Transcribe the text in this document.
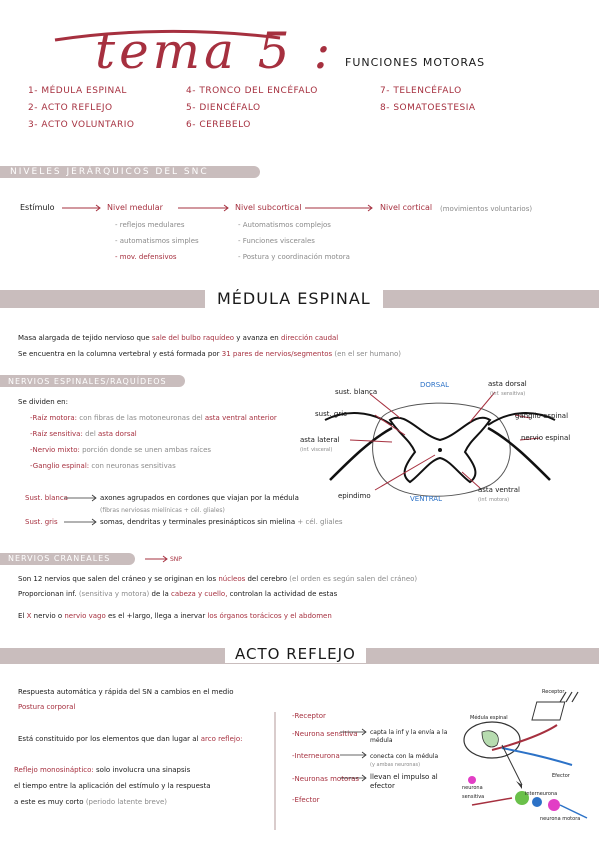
tema 5 : FUNCIONES MOTORAS
1- MÉDULA ESPINAL
2- ACTO REFLEJO
3- ACTO VOLUNTARIO
4- TRONCO DEL ENCÉFALO
5- DIENCÉFALO
6- CEREBELO
7- TELENCÉFALO
8- SOMATOESTESIA
NIVELES JERÁRQUICOS DEL SNC
Estímulo	Nivel medular
- reflejos medulares
- automatismos simples
- mov. defensivos
Nivel subcortical
- Automatismos complejos
- Funciones viscerales
- Postura y coordinación motora
Nivel cortical (movimientos voluntarios)
MÉDULA ESPINAL
Masa alargada de tejido nervioso que sale del bulbo raquídeo y avanza en dirección caudal
Se encuentra en la columna vertebral y está formada por 31 pares de nervios/segmentos (en el ser humano)
NERVIOS ESPINALES/RAQUÍDEOS
Se dividen en:
-Raíz motora: con fibras de las motoneuronas del asta ventral anterior
-Raíz sensitiva: del asta dorsal
-Nervio mixto: porción donde se unen ambas raíces
-Ganglio espinal: con neuronas sensitivas
Sust. blanca	axones agrupados en cordones que viajan por la médula
(fibras nerviosas mielínicas + cél. gliales)
Sust. gris	somas, dendritas y terminales presinápticos sin mielina + cél. gliales
DORSAL
VENTRAL
sust. blanca
sust. gris
asta lateral
(inf. visceral)
epindimo
asta dorsal
(inf. sensitiva)
ganglio espinal
nervio espinal
asta ventral
(inf. motora)
NERVIOS CRANEALES	SNP
Son 12 nervios que salen del cráneo y se originan en los núcleos del cerebro (el orden es según salen del cráneo)
Proporcionan inf. (sensitiva y motora) de la cabeza y cuello, controlan la actividad de estas
El X nervio o nervio vago es el +largo, llega a inervar los órganos torácicos y el abdomen
ACTO REFLEJO
Respuesta automática y rápida del SN a cambios en el medio
Postura corporal
Está constituido por los elementos que dan lugar al arco reflejo:
Reflejo monosináptico: solo involucra una sinapsis
el tiempo entre la aplicación del estímulo y la respuesta
a este es muy corto (periodo latente breve)
-Receptor
-Neurona sensitiva capta la inf y la envía a la médula
-Interneurona	conecta con la médula
(y ambas neuronas)
-Neuronas motoras llevan el impulso al efector
-Efector
Receptor
Médula espinal
Efector
neurona sensitiva	interneurona
neurona motora
